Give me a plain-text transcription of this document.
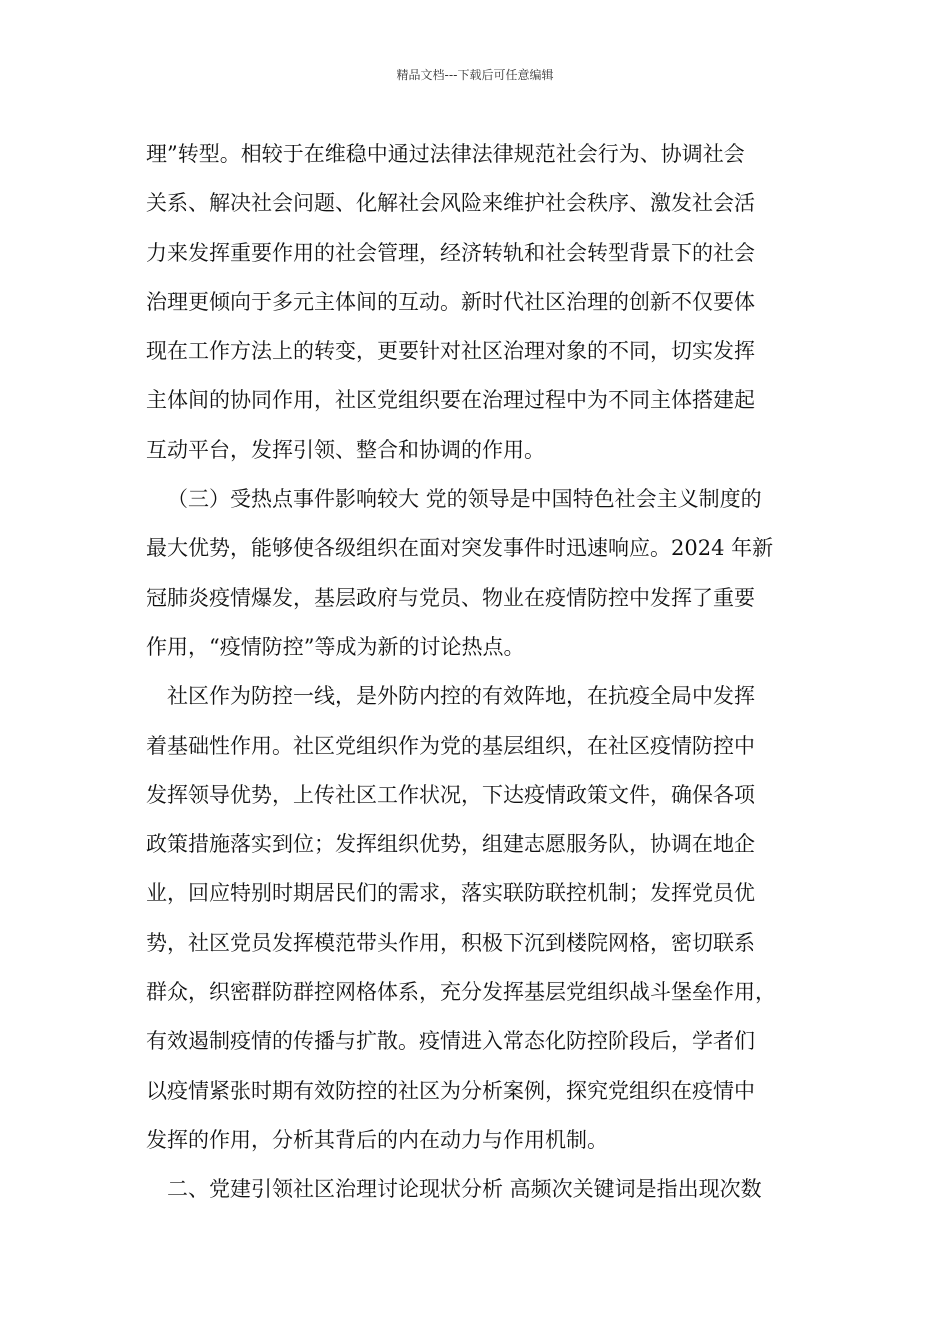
精品文档---下载后可任意编辑
理”转型。相较于在维稳中通过法律法律规范社会行为、协调社会
关系、解决社会问题、化解社会风险来维护社会秩序、激发社会活
力来发挥重要作用的社会管理，经济转轨和社会转型背景下的社会
治理更倾向于多元主体间的互动。新时代社区治理的创新不仅要体
现在工作方法上的转变，更要针对社区治理对象的不同，切实发挥
主体间的协同作用，社区党组织要在治理过程中为不同主体搭建起
互动平台，发挥引领、整合和协调的作用。
（三）受热点事件影响较大 党的领导是中国特色社会主义制度的
最大优势，能够使各级组织在面对突发事件时迅速响应。2024 年新
冠肺炎疫情爆发，基层政府与党员、物业在疫情防控中发挥了重要
作用，“疫情防控”等成为新的讨论热点。
社区作为防控一线，是外防内控的有效阵地，在抗疫全局中发挥
着基础性作用。社区党组织作为党的基层组织，在社区疫情防控中
发挥领导优势，上传社区工作状况，下达疫情政策文件，确保各项
政策措施落实到位；发挥组织优势，组建志愿服务队，协调在地企
业，回应特别时期居民们的需求，落实联防联控机制；发挥党员优
势，社区党员发挥模范带头作用，积极下沉到楼院网格，密切联系
群众，织密群防群控网格体系，充分发挥基层党组织战斗堡垒作用，
有效遏制疫情的传播与扩散。疫情进入常态化防控阶段后，学者们
以疫情紧张时期有效防控的社区为分析案例，探究党组织在疫情中
发挥的作用，分析其背后的内在动力与作用机制。
二、党建引领社区治理讨论现状分析 高频次关键词是指出现次数
